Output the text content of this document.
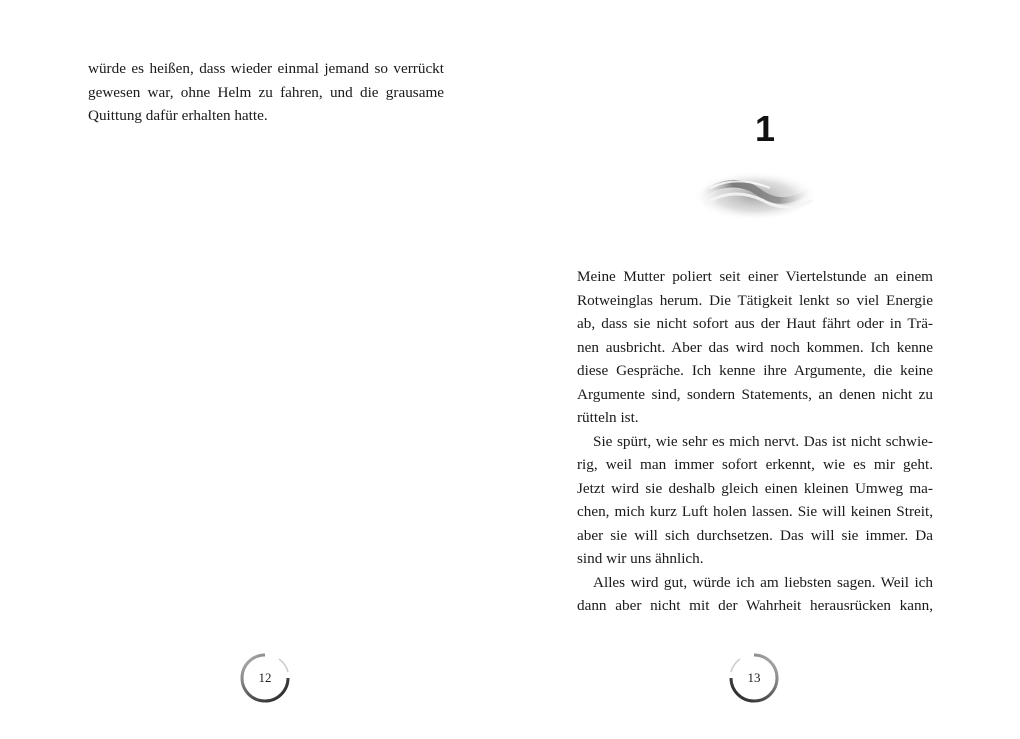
würde es heißen, dass wieder einmal jemand so verrückt

gewesen war, ohne Helm zu fahren, und die grausame

Quittung dafür erhalten hatte.

12
1

Meine Mutter poliert seit einer Viertelstunde an einem

Rotweinglas herum. Die Tätigkeit lenkt so viel Energie

ab, dass sie nicht sofort aus der Haut fährt oder in Trä-

nen ausbricht. Aber das wird noch kommen. Ich kenne

diese Gespräche. Ich kenne ihre Argumente, die keine

Argumente sind, sondern Statements, an denen nicht zu

rütteln ist.

Sie spürt, wie sehr es mich nervt. Das ist nicht schwie-

rig, weil man immer sofort erkennt, wie es mir geht.

Jetzt wird sie deshalb gleich einen kleinen Umweg ma-

chen, mich kurz Luft holen lassen. Sie will keinen Streit,

aber sie will sich durchsetzen. Das will sie immer. Da

sind wir uns ähnlich.

Alles wird gut, würde ich am liebsten sagen. Weil ich

dann aber nicht mit der Wahrheit herausrücken kann,

13
